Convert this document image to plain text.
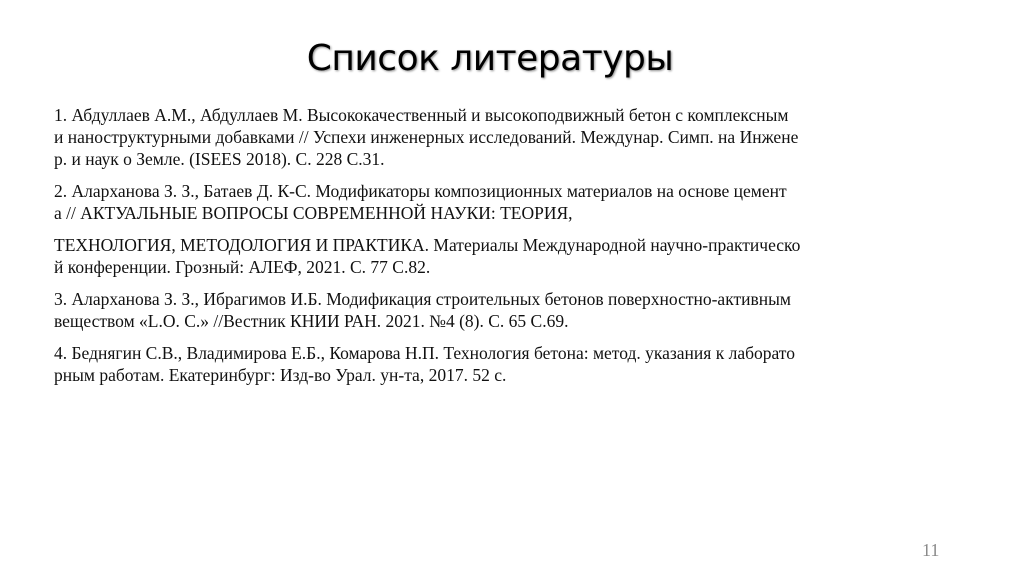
Список литературы

1. Абдуллаев А.М., Абдуллаев М. Высококачественный и высокоподвижный бетон с комплексным
и наноструктурными добавками // Успехи инженерных исследований. Междунар. Симп. на Инжене
р. и наук о Земле. (ISEES 2018). С. 228 С.31.

2. Аларханова З. З., Батаев Д. К-С. Модификаторы композиционных материалов на основе цемент
а // АКТУАЛЬНЫЕ ВОПРОСЫ СОВРЕМЕННОЙ НАУКИ: ТЕОРИЯ,

ТЕХНОЛОГИЯ, МЕТОДОЛОГИЯ И ПРАКТИКА. Материалы Международной научно-практическо
й конференции. Грозный: АЛЕФ, 2021. С. 77 С.82.

3. Аларханова З. З., Ибрагимов И.Б. Модификация строительных бетонов поверхностно-активным
веществом «L.O. C.» //Вестник КНИИ РАН. 2021. №4 (8). С. 65 С.69.

4. Беднягин С.В., Владимирова Е.Б., Комарова Н.П. Технология бетона: метод. указания к лаборато
рным работам. Екатеринбург: Изд-во Урал. ун-та, 2017. 52 с.

11
